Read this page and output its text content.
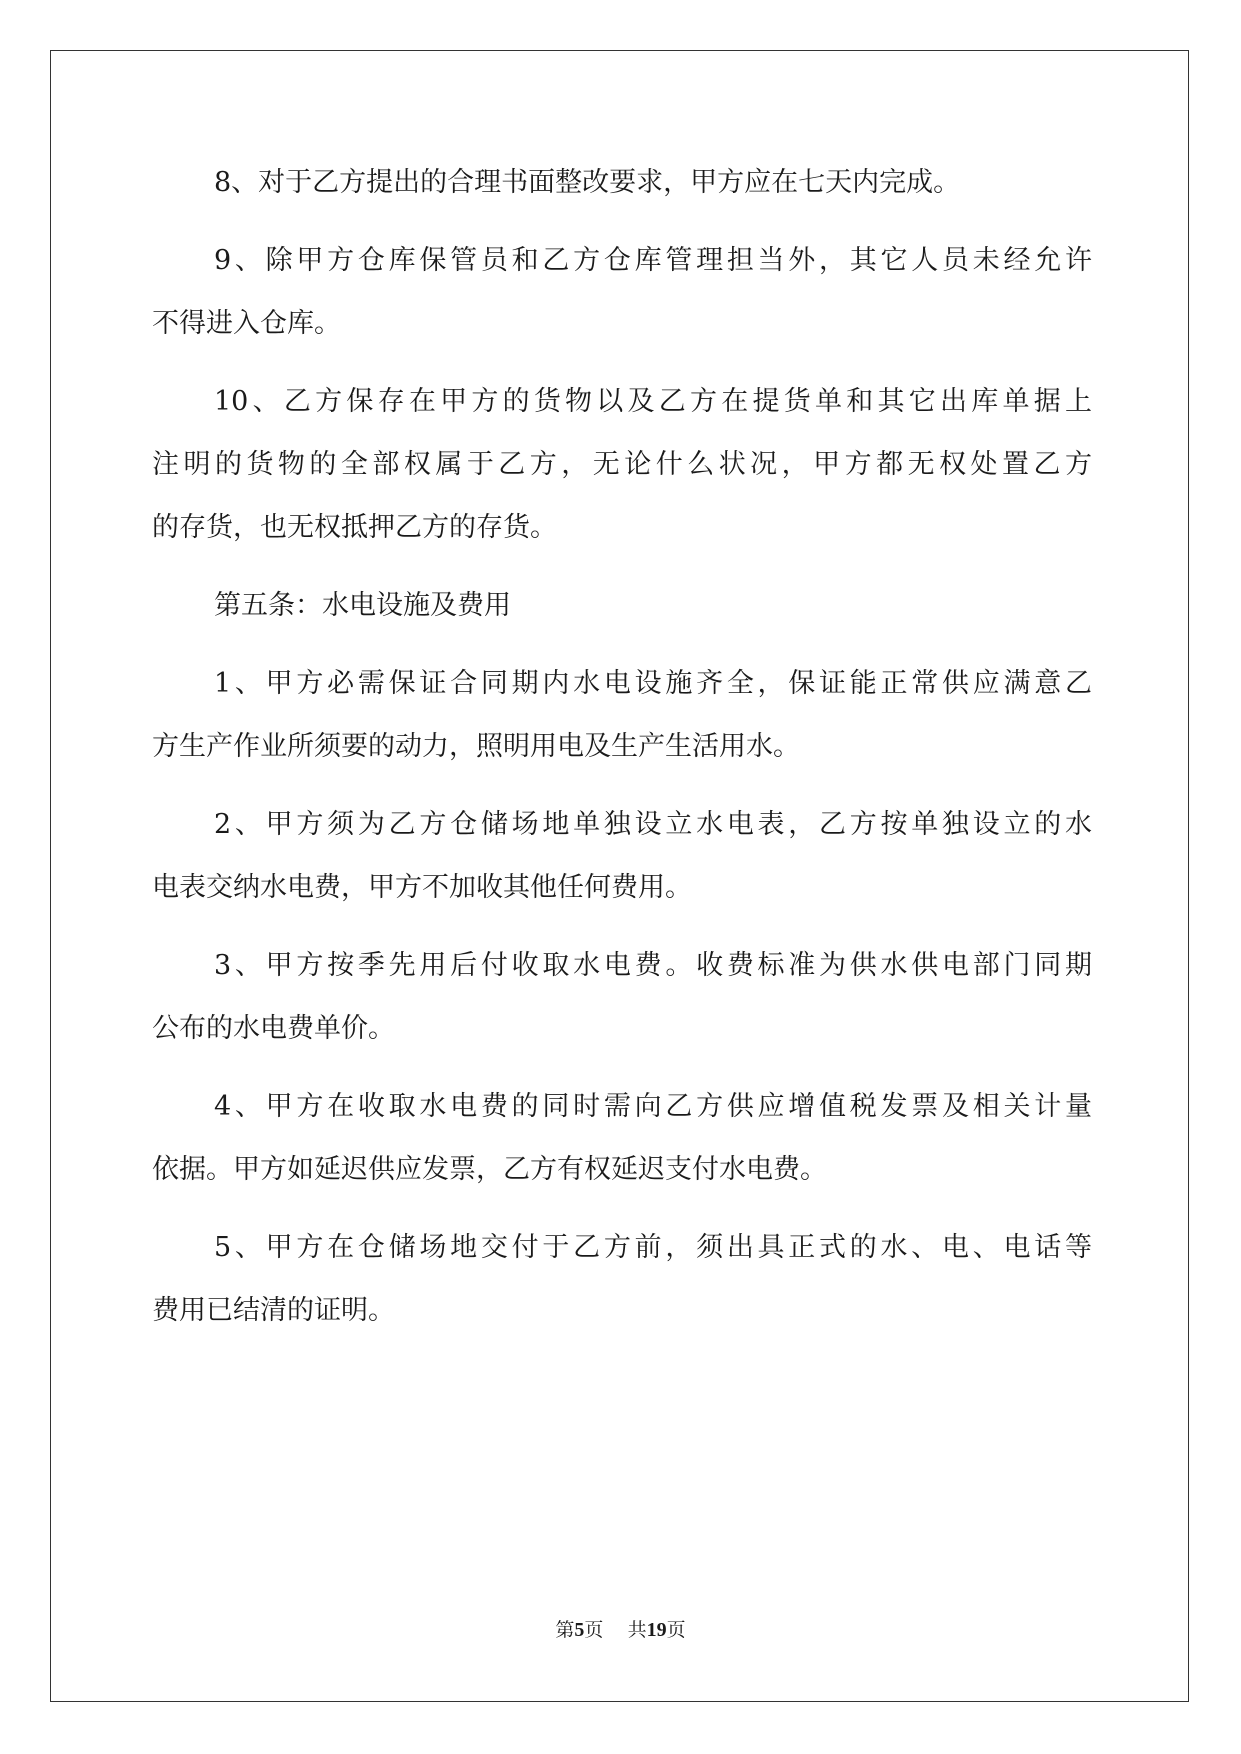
8、对于乙方提出的合理书面整改要求，甲方应在七天内完成。
9、除甲方仓库保管员和乙方仓库管理担当外，其它人员未经允许
不得进入仓库。
10、乙方保存在甲方的货物以及乙方在提货单和其它出库单据上
注明的货物的全部权属于乙方，无论什么状况，甲方都无权处置乙方
的存货，也无权抵押乙方的存货。
第五条：水电设施及费用
1、甲方必需保证合同期内水电设施齐全，保证能正常供应满意乙
方生产作业所须要的动力，照明用电及生产生活用水。
2、甲方须为乙方仓储场地单独设立水电表，乙方按单独设立的水
电表交纳水电费，甲方不加收其他任何费用。
3、甲方按季先用后付收取水电费。收费标准为供水供电部门同期
公布的水电费单价。
4、甲方在收取水电费的同时需向乙方供应增值税发票及相关计量
依据。甲方如延迟供应发票，乙方有权延迟支付水电费。
5、甲方在仓储场地交付于乙方前，须出具正式的水、电、电话等
费用已结清的证明。
第5页 共19页
